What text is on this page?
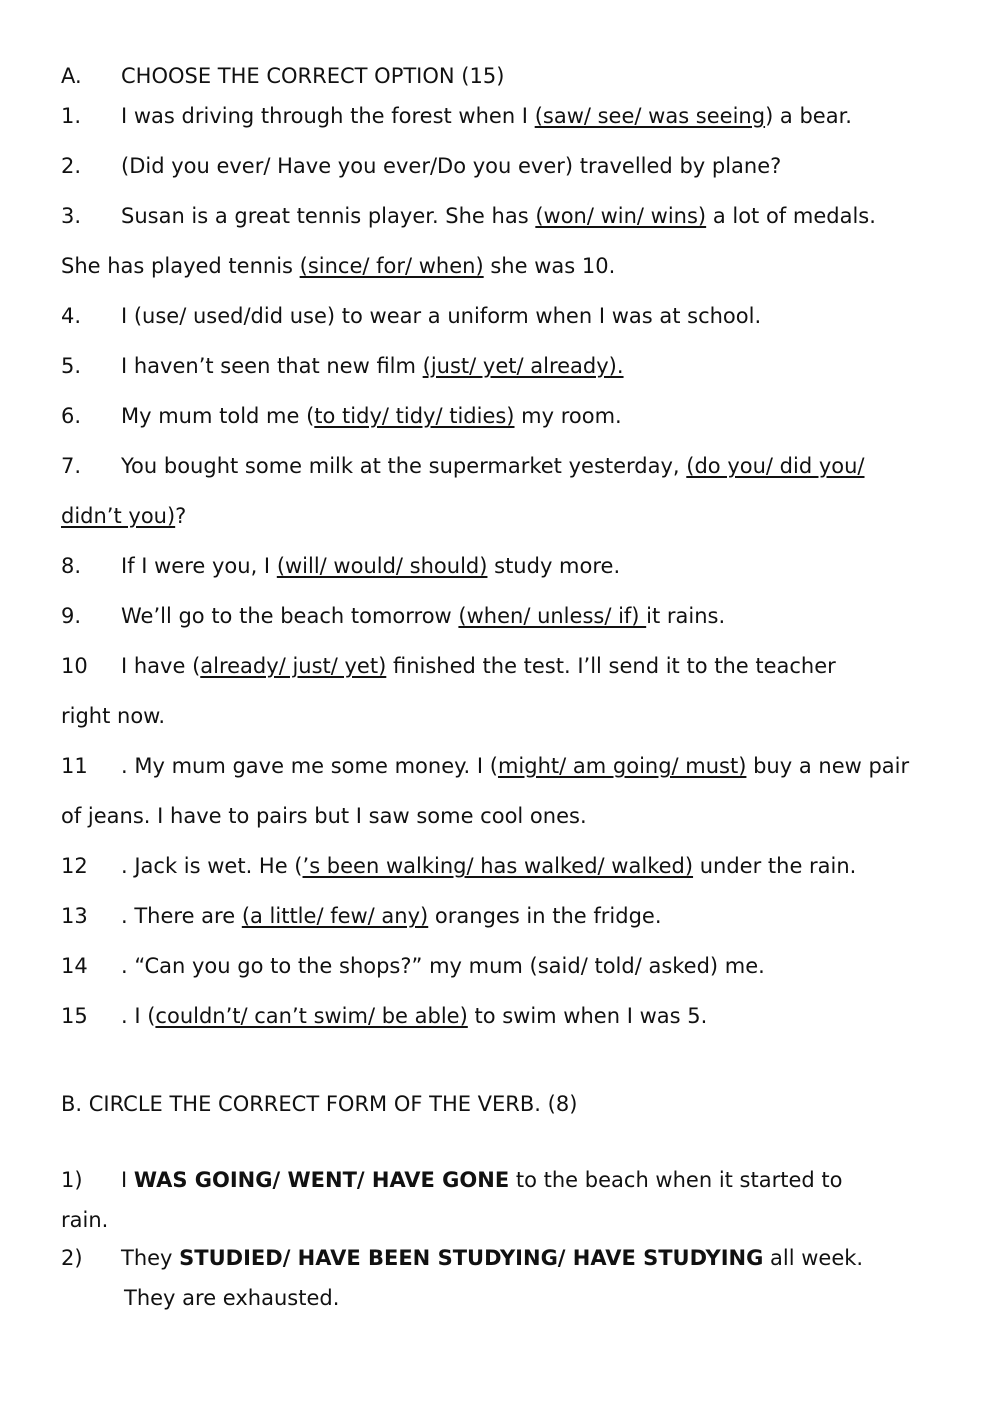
A. CHOOSE THE CORRECT OPTION (15)
1. I was driving through the forest when I (saw/ see/ was seeing) a bear.
2. (Did you ever/ Have you ever/Do you ever) travelled by plane?
3. Susan is a great tennis player. She has (won/ win/ wins) a lot of medals.
She has played tennis (since/ for/ when) she was 10.
4. I (use/ used/did use) to wear a uniform when I was at school.
5. I haven’t seen that new film (just/ yet/ already).
6. My mum told me (to tidy/ tidy/ tidies) my room.
7. You bought some milk at the supermarket yesterday, (do you/ did you/
didn’t you)?
8. If I were you, I (will/ would/ should) study more.
9. We’ll go to the beach tomorrow (when/ unless/ if) it rains.
10 I have (already/ just/ yet) finished the test. I’ll send it to the teacher
right now.
11 . My mum gave me some money. I (might/ am going/ must) buy a new pair
of jeans. I have to pairs but I saw some cool ones.
12 . Jack is wet. He (’s been walking/ has walked/ walked) under the rain.
13 . There are (a little/ few/ any) oranges in the fridge.
14 . “Can you go to the shops?” my mum (said/ told/ asked) me.
15 . I (couldn’t/ can’t swim/ be able) to swim when I was 5.
B. CIRCLE THE CORRECT FORM OF THE VERB. (8)
1) I WAS GOING/ WENT/ HAVE GONE to the beach when it started to
rain.
2) They STUDIED/ HAVE BEEN STUDYING/ HAVE STUDYING all week.
They are exhausted.
